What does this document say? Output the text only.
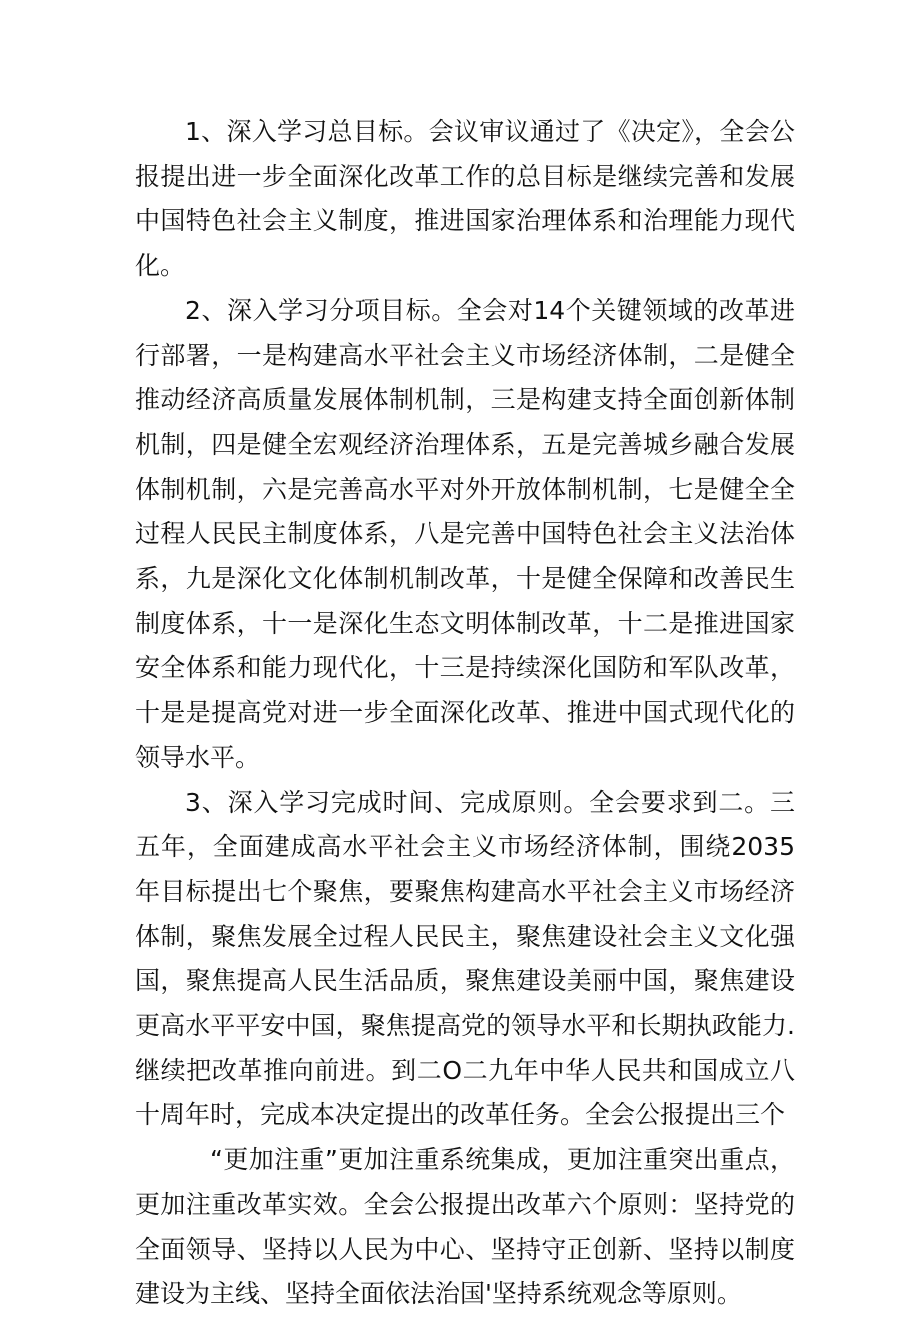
1、深入学习总目标。会议审议通过了《决定》，全会公报提出进一步全面深化改革工作的总目标是继续完善和发展中国特色社会主义制度，推进国家治理体系和治理能力现代化。

2、深入学习分项目标。全会对14个关键领域的改革进行部署，一是构建高水平社会主义市场经济体制，二是健全推动经济高质量发展体制机制，三是构建支持全面创新体制机制，四是健全宏观经济治理体系，五是完善城乡融合发展体制机制，六是完善高水平对外开放体制机制，七是健全全过程人民民主制度体系，八是完善中国特色社会主义法治体系，九是深化文化体制机制改革，十是健全保障和改善民生制度体系，十一是深化生态文明体制改革，十二是推进国家安全体系和能力现代化，十三是持续深化国防和军队改革，十是是提高党对进一步全面深化改革、推进中国式现代化的领导水平。

3、深入学习完成时间、完成原则。全会要求到二。三五年，全面建成高水平社会主义市场经济体制，围绕2035年目标提出七个聚焦，要聚焦构建高水平社会主义市场经济体制，聚焦发展全过程人民民主，聚焦建设社会主义文化强国，聚焦提高人民生活品质，聚焦建设美丽中国，聚焦建设更高水平平安中国，聚焦提高党的领导水平和长期执政能力.继续把改革推向前进。到二O二九年中华人民共和国成立八十周年时，完成本决定提出的改革任务。全会公报提出三个

“更加注重”更加注重系统集成，更加注重突出重点，更加注重改革实效。全会公报提出改革六个原则：坚持党的全面领导、坚持以人民为中心、坚持守正创新、坚持以制度建设为主线、坚持全面依法治国'坚持系统观念等原则。
